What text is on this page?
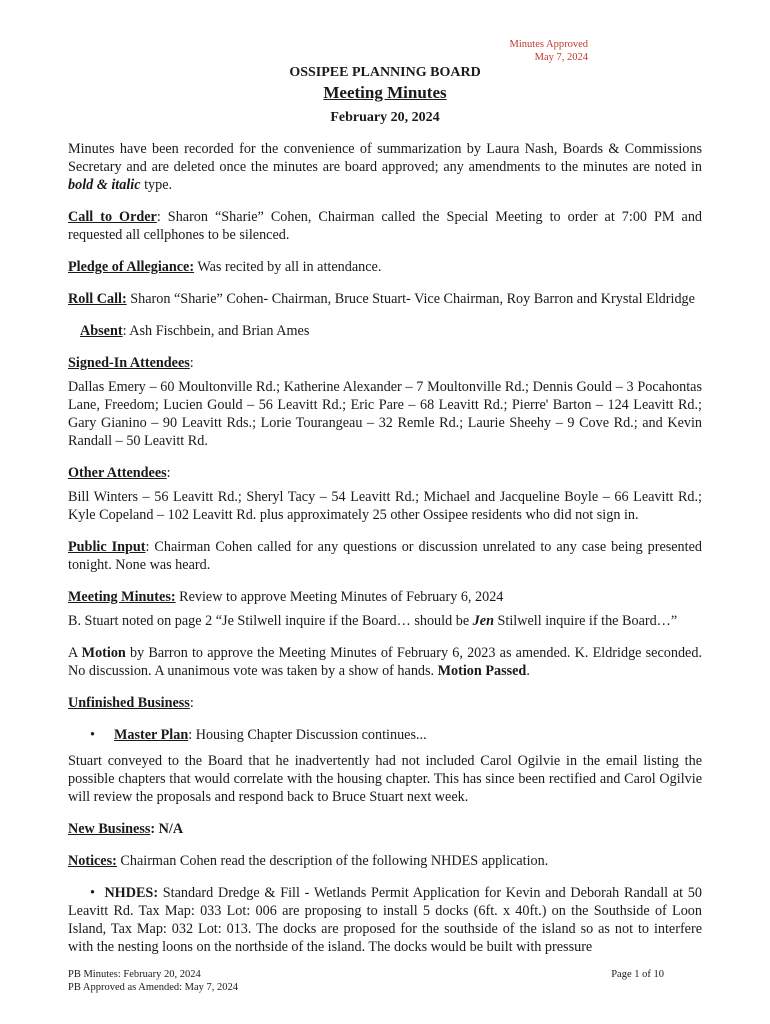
Minutes Approved
May 7, 2024
OSSIPEE PLANNING BOARD
Meeting Minutes
February 20, 2024

Minutes have been recorded for the convenience of summarization by Laura Nash, Boards & Commissions Secretary and are deleted once the minutes are board approved; any amendments to the minutes are noted in bold & italic type.

Call to Order: Sharon “Sharie” Cohen, Chairman called the Special Meeting to order at 7:00 PM and requested all cellphones to be silenced.

Pledge of Allegiance: Was recited by all in attendance.

Roll Call: Sharon “Sharie” Cohen- Chairman, Bruce Stuart- Vice Chairman, Roy Barron and Krystal Eldridge

Absent: Ash Fischbein, and Brian Ames

Signed-In Attendees:

Dallas Emery – 60 Moultonville Rd.; Katherine Alexander – 7 Moultonville Rd.; Dennis Gould – 3 Pocahontas Lane, Freedom; Lucien Gould – 56 Leavitt Rd.; Eric Pare – 68 Leavitt Rd.; Pierre' Barton – 124 Leavitt Rd.; Gary Gianino – 90 Leavitt Rds.; Lorie Tourangeau – 32 Remle Rd.; Laurie Sheehy – 9 Cove Rd.; and Kevin Randall – 50 Leavitt Rd.

Other Attendees:

Bill Winters – 56 Leavitt Rd.; Sheryl Tacy – 54 Leavitt Rd.; Michael and Jacqueline Boyle – 66 Leavitt Rd.; Kyle Copeland – 102 Leavitt Rd. plus approximately 25 other Ossipee residents who did not sign in.

Public Input: Chairman Cohen called for any questions or discussion unrelated to any case being presented tonight. None was heard.

Meeting Minutes: Review to approve Meeting Minutes of February 6, 2024

B. Stuart noted on page 2 “Je Stilwell inquire if the Board… should be Jen Stilwell inquire if the Board…”

A Motion by Barron to approve the Meeting Minutes of February 6, 2023 as amended. K. Eldridge seconded. No discussion. A unanimous vote was taken by a show of hands. Motion Passed.

Unfinished Business:

•	Master Plan: Housing Chapter Discussion continues...

Stuart conveyed to the Board that he inadvertently had not included Carol Ogilvie in the email listing the possible chapters that would correlate with the housing chapter. This has since been rectified and Carol Ogilvie will review the proposals and respond back to Bruce Stuart next week.

New Business: N/A

Notices: Chairman Cohen read the description of the following NHDES application.

• NHDES: Standard Dredge & Fill - Wetlands Permit Application for Kevin and Deborah Randall at 50 Leavitt Rd. Tax Map: 033 Lot: 006 are proposing to install 5 docks (6ft. x 40ft.) on the Southside of Loon Island, Tax Map: 032 Lot: 013. The docks are proposed for the southside of the island so as not to interfere with the nesting loons on the northside of the island. The docks would be built with pressure

PB Minutes: February 20, 2024
PB Approved as Amended: May 7, 2024
Page 1 of 10
